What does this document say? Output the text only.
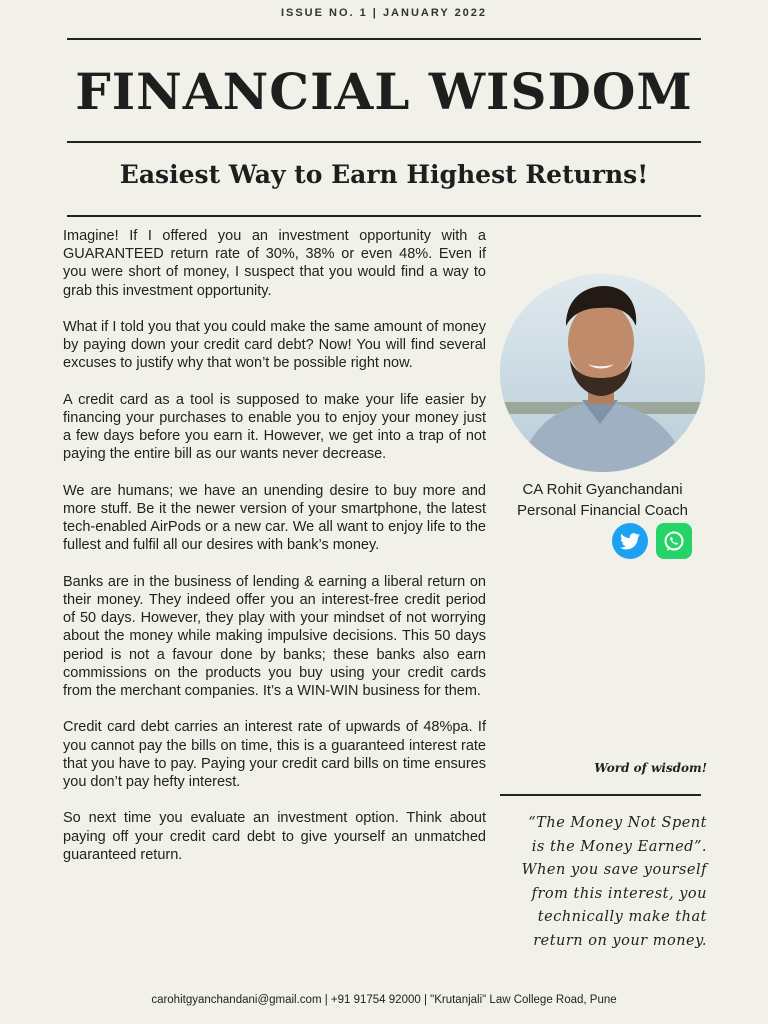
ISSUE NO. 1 | JANUARY 2022
FINANCIAL WISDOM
Easiest Way to Earn Highest Returns!

Imagine! If I offered you an investment opportunity with a GUARANTEED return rate of 30%, 38% or even 48%. Even if you were short of money, I suspect that you would find a way to grab this investment opportunity.

What if I told you that you could make the same amount of money by paying down your credit card debt? Now! You will find several excuses to justify why that won’t be possible right now.

A credit card as a tool is supposed to make your life easier by financing your purchases to enable you to enjoy your money just a few days before you earn it. However, we get into a trap of not paying the entire bill as our wants never decrease.

We are humans; we have an unending desire to buy more and more stuff. Be it the newer version of your smartphone, the latest tech-enabled AirPods or a new car. We all want to enjoy life to the fullest and fulfil all our desires with bank’s money.

Banks are in the business of lending & earning a liberal return on their money. They indeed offer you an interest-free credit period of 50 days. However, they play with your mindset of not worrying about the money while making impulsive decisions. This 50 days period is not a favour done by banks; these banks also earn commissions on the products you buy using your credit cards from the merchant companies. It’s a WIN-WIN business for them.

Credit card debt carries an interest rate of upwards of 48%pa. If you cannot pay the bills on time, this is a guaranteed interest rate that you have to pay. Paying your credit card bills on time ensures you don’t pay hefty interest.

So next time you evaluate an investment option. Think about paying off your credit card debt to give yourself an unmatched guaranteed return.

CA Rohit Gyanchandani
Personal Financial Coach
Word of wisdom!
“The Money Not Spent
is the Money Earned”.
When you save yourself
from this interest, you
technically make that
return on your money.
carohitgyanchandani@gmail.com | +91 91754 92000 | "Krutanjali" Law College Road, Pune
